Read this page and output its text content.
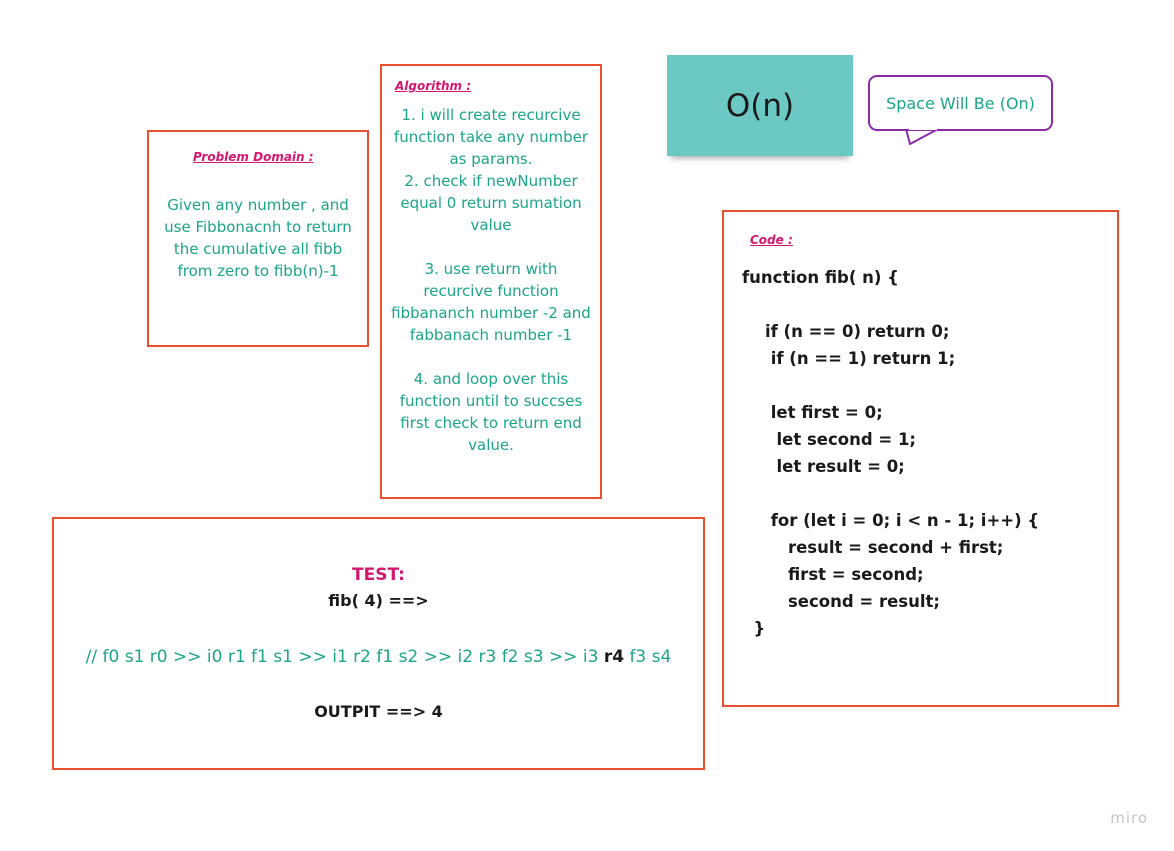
Problem Domain :
Given any number , and use Fibbonacnh to return the cumulative all fibb from zero to fibb(n)-1
Algorithm :
1. i will create recurcive function take any number as params.
2. check if newNumber equal 0 return sumation value

3. use return with recurcive function fibbananch number -2 and fabbanach number -1

4. and loop over this function until to succses first check to return end value.
O(n)	Space Will Be (On)
Code :
function fib( n) {

if (n == 0) return 0;
if (n == 1) return 1;

let first = 0;
let second = 1;
let result = 0;

for (let i = 0; i < n - 1; i++) {
result = second + first;
first = second;
second = result;
}
TEST:
fib( 4) ==>
// f0 s1 r0 >> i0 r1 f1 s1 >> i1 r2 f1 s2 >> i2 r3 f2 s3 >> i3 r4 f3 s4
OUTPIT ==> 4
miro
